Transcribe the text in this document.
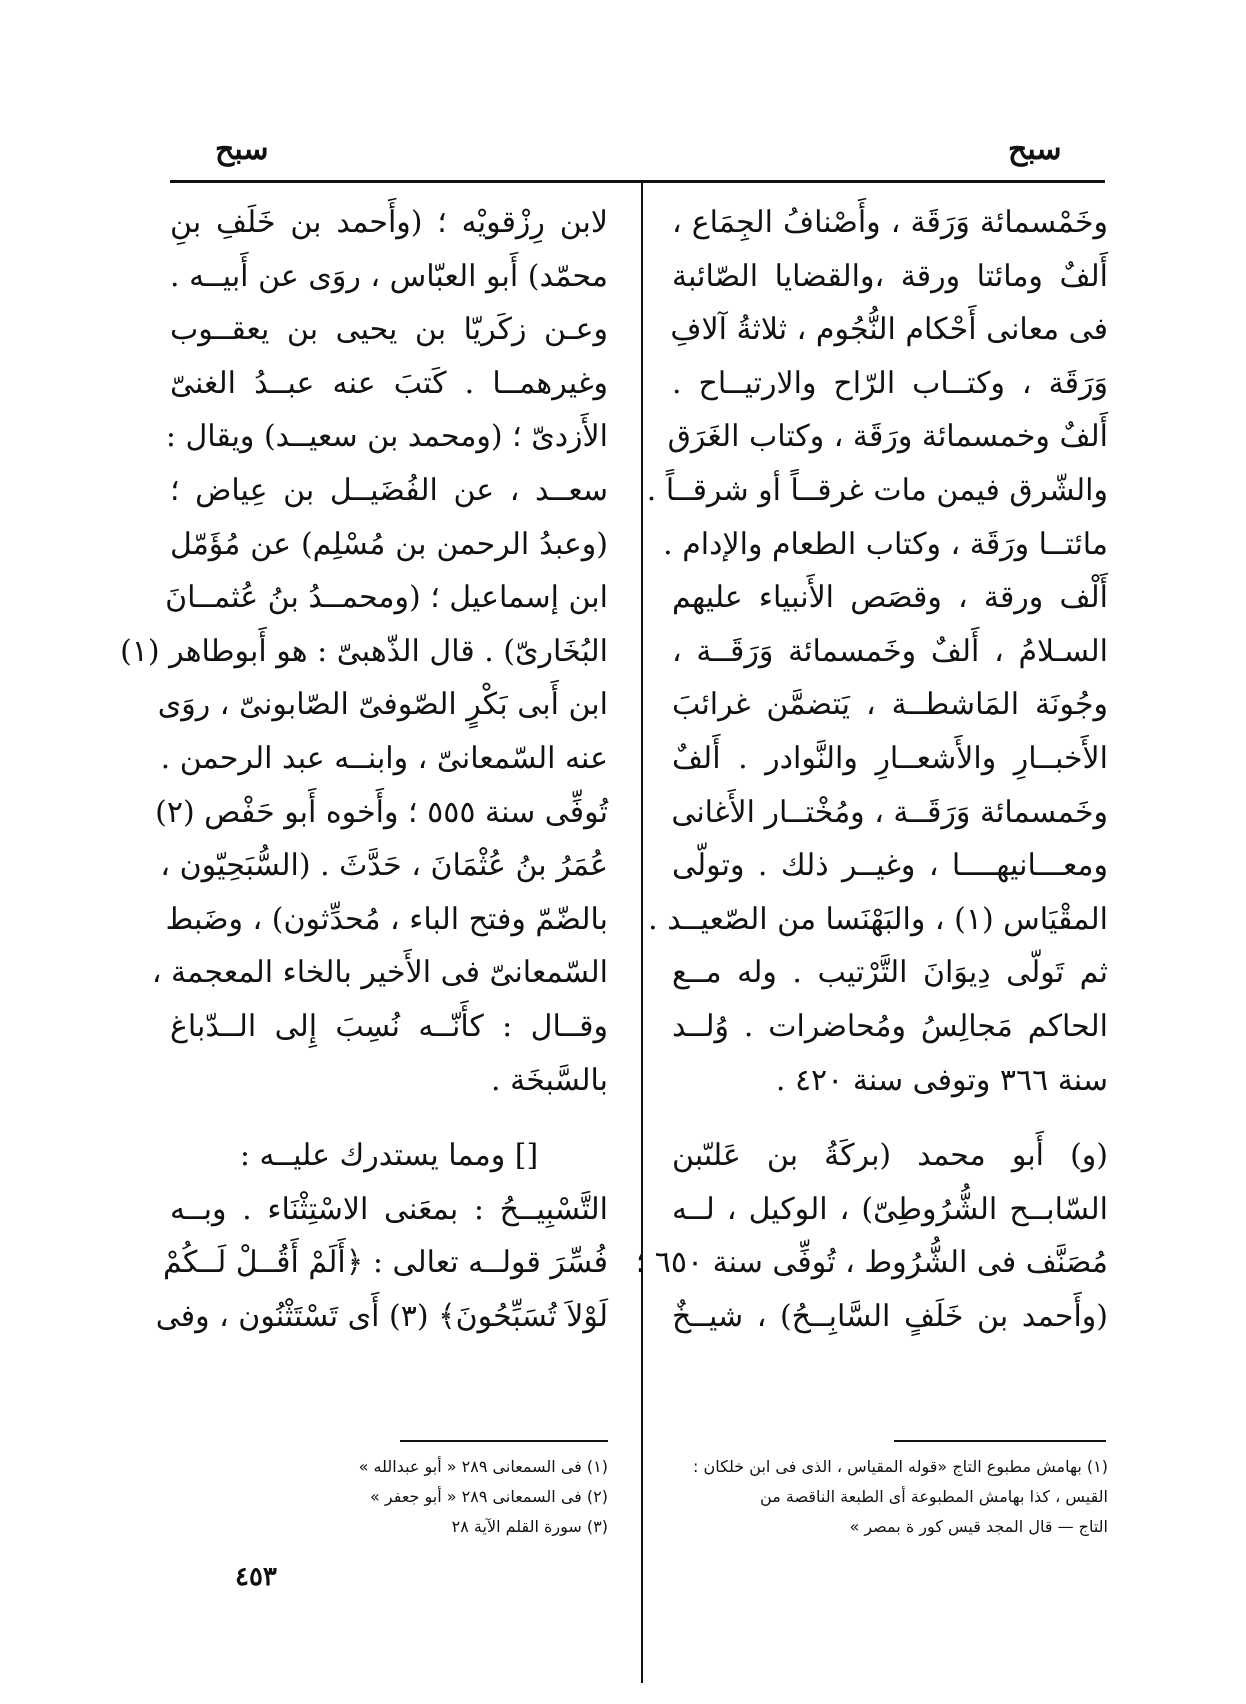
سبح
سبح
وخَمْسمائة وَرَقَة ، وأَصْنافُ الجِمَاع ،
أَلفٌ ومائتا ورقة ،والقضايا الصّائبة
فى معانى أَحْكام النُّجُوم ، ثلاثةُ آلافِ
وَرَقَة ، وكتــاب الرّاح والارتيــاح .
أَلفٌ وخمسمائة ورَقَة ، وكتاب الغَرَق
والشّرق فيمن مات غرقــاً أو شرقــاً .
مائتــا ورَقَة ، وكتاب الطعام والإدام .
أَلْف ورقة ، وقصَص الأَنبياء عليهم
السـلامُ ، أَلفٌ وخَمسمائة وَرَقَــة ،
وجُونَة المَاشطــة ، يَتضمَّن غرائبَ
الأَخبــارِ والأَشعــارِ والنَّوادر . أَلفٌ
وخَمسمائة وَرَقَــة ، ومُخْتــار الأَغانى
ومعـــانيهــــا ، وغيــر ذلك . وتولّى
المقْيَاس (١) ، والبَهْنَسا من الصّعيــد .
ثم تَولّى دِيوَانَ التَّرْتيب . وله مــع
الحاكم مَجالِسُ ومُحاضرات . وُلــد
سنة ٣٦٦ وتوفى سنة ٤٢٠ .
(و) أَبو محمد (بركَةُ بن عَلىّبن
السّابــح الشُّرُوطِىّ) ، الوكيل ، لــه
مُصَنَّف فى الشُّرُوط ، تُوفِّى سنة ٦٥٠ ؛
(وأَحمد بن خَلَفٍ السَّابِــحُ) ، شيــخٌ
لابن رِزْقويْه ؛ (وأَحمد بن خَلَفِ بنِ
محمّد) أَبو العبّاس ، روَى عن أَبيــه .
وعـن زكَريّا بن يحيى بن يعقــوب
وغيرهمــا . كَتبَ عنه عبــدُ الغنىّ
الأَزدىّ ؛ (ومحمد بن سعيــد) ويقال :
سعــد ، عن الفُضَيــل بن عِياض ؛
(وعبدُ الرحمن بن مُسْلِم) عن مُؤَمّل
ابن إسماعيل ؛ (ومحمــدُ بنُ عُثمــانَ
البُخَارىّ) . قال الذّهبىّ : هو أَبوطاهر (١)
ابن أَبى بَكْرٍ الصّوفىّ الصّابونىّ ، روَى
عنه السّمعانىّ ، وابنــه عبد الرحمن .
تُوفِّى سنة ٥٥٥ ؛ وأَخوه أَبو حَفْص (٢)
عُمَرُ بنُ عُثْمَانَ ، حَدَّثَ . (السُّبَحِيّون ،
بالضّمّ وفتح الباء ، مُحدِّثون) ، وضَبط
السّمعانىّ فى الأَخير بالخاء المعجمة ،
وقــال : كأَنّــه نُسِبَ إِلى الــدّباغ
بالسَّبخَة .
[] ومما يستدرك عليــه :
التَّسْبِيــحُ : بمعَنى الاسْتِثْنَاء . وبــه
فُسِّرَ قولــه تعالى : ﴿أَلَمْ أَقُــلْ لَــكُمْ
لَوْلاَ تُسَبِّحُونَ﴾ (٣) أَى تَسْتَثْنُون ، وفى
(١) بهامش مطبوع التاج «قوله المقياس ، الذى فى ابن خلكان :
القيس ، كذا بهامش المطبوعة أى الطبعة الناقصة من
التاج — قال المجد قيس كور ة بمصر »
(١) فى السمعانى ٢٨٩ « أبو عبدالله »
(٢) فى السمعانى ٢٨٩ « أبو جعفر »
(٣) سورة القلم الآية ٢٨
٤٥٣
